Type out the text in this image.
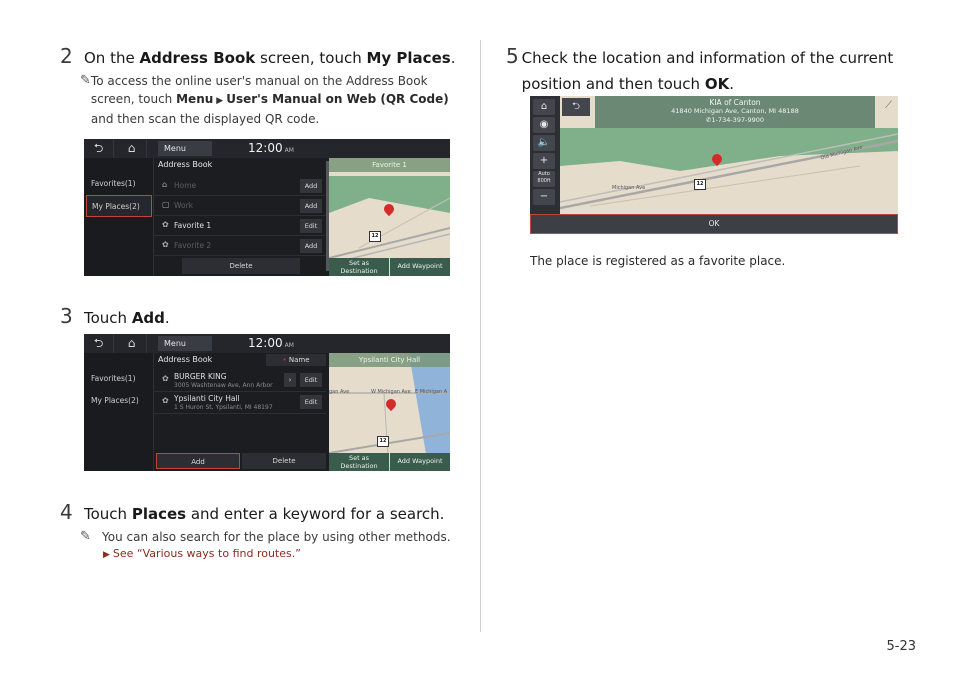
2 On the Address Book screen, touch My Places.
✎ To access the online user's manual on the Address Book screen, touch Menu ▶ User's Manual on Web (QR Code) and then scan the displayed QR code.
⮌	⌂	Menu	12:00 AM
Favorites(1)
My Places(2)
Address Book
⌂ Home	Add
▢ Work	Add
✿ Favorite 1	Edit
✿ Favorite 2	Add
Delete
Favorite 1
12
Set as
Destination
Add Waypoint
3 Touch Add.
⮌	⌂	Menu	12:00 AM
Favorites(1)
My Places(2)
Address Book	• Name
✿ BURGER KING
3005 Washtenaw Ave, Ann Arbor
›	Edit
✿ Ypsilanti City Hall
1 S Huron St, Ypsilanti, MI 48197
Edit
Add	Delete
Ypsilanti City Hall
gan Ave	W Michigan Ave E Michigan A
12
Set as
Destination
Add Waypoint
4 Touch Places and enter a keyword for a search.
✎ You can also search for the place by using other methods.
▶ See “Various ways to find routes.”
5 Check the location and information of the current position and then touch OK.
⌂
◉
🔈
+
Auto
800ft
−
⮌	KIA of Canton
41840 Michigan Ave, Canton, MI 48188
✆1-734-397-9900
⟋
12
Michigan Ave
Old Michigan Ave
OK
The place is registered as a favorite place.
5-23
